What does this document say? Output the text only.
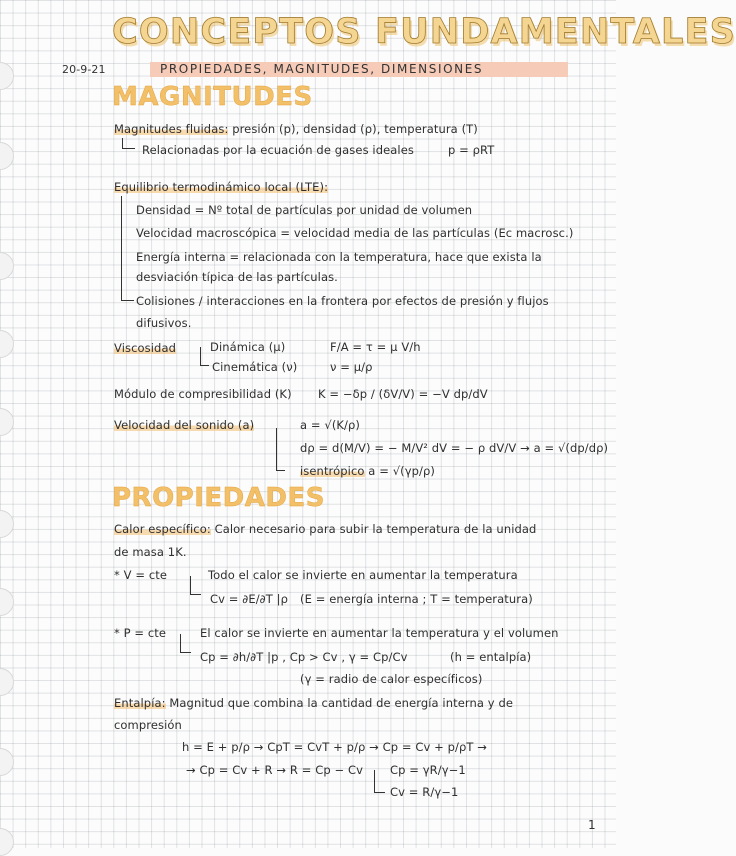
CONCEPTOS FUNDAMENTALES
20-9-21	PROPIEDADES, MAGNITUDES, DIMENSIONES
MAGNITUDES
Magnitudes fluidas: presión (p), densidad (ρ), temperatura (T)
Relacionadas por la ecuación de gases ideales	p = ρRT
Equilibrio termodinámico local (LTE):
Densidad = Nº total de partículas por unidad de volumen
Velocidad macroscópica = velocidad media de las partículas (Ec macrosc.)
Energía interna = relacionada con la temperatura, hace que exista la
desviación típica de las partículas.
Colisiones / interacciones en la frontera por efectos de presión y flujos
difusivos.
Viscosidad	Dinámica (μ)	F/A = τ = μ V/h
Cinemática (ν)	ν = μ/ρ
Módulo de compresibilidad (K) K = −δp / (δV/V) = −V dp/dV
Velocidad del sonido (a)	a = √(K/ρ)
dρ = d(M/V) = − M/V² dV = − ρ dV/V → a = √(dp/dρ)
isentrópico a = √(γp/ρ)
PROPIEDADES
Calor específico: Calor necesario para subir la temperatura de la unidad
de masa 1K.
* V = cte	Todo el calor se invierte en aumentar la temperatura
Cv = ∂E/∂T |ρ (E = energía interna ; T = temperatura)
* P = cte	El calor se invierte en aumentar la temperatura y el volumen
Cp = ∂h/∂T |p , Cp > Cv , γ = Cp/Cv	(h = entalpía)
(γ = radio de calor específicos)
Entalpía: Magnitud que combina la cantidad de energía interna y de
compresión
h = E + p/ρ → CpT = CvT + p/ρ → Cp = Cv + p/ρT →
→ Cp = Cv + R → R = Cp − Cv Cp = γR/γ−1
Cv = R/γ−1
1
